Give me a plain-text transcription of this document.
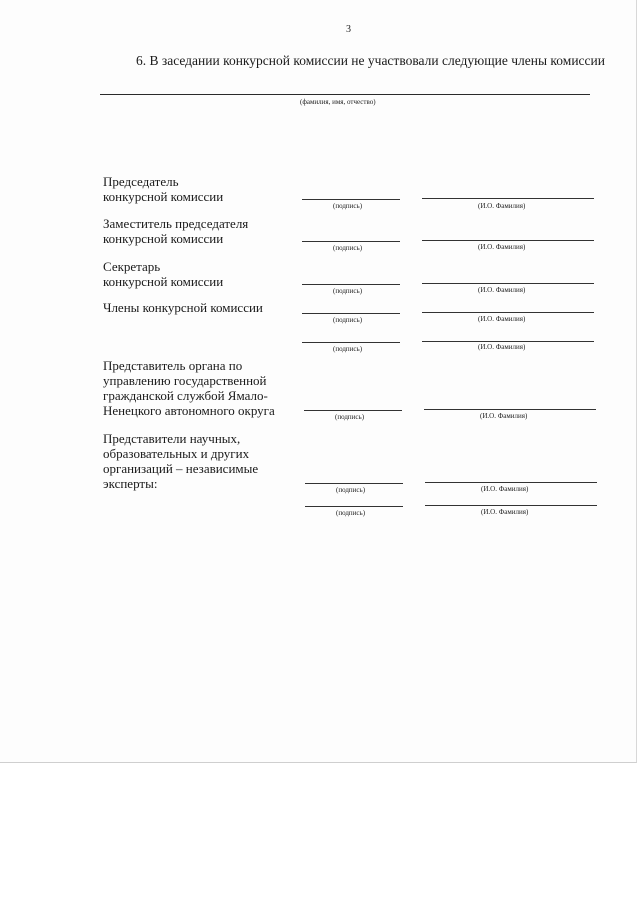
3

6. В заседании конкурсной комиссии не участвовали следующие члены комиссии

(фамилия, имя, отчество)
Председатель
конкурсной комиссии
(подпись)	(И.О. Фамилия)
Заместитель председателя
конкурсной комиссии
(подпись)	(И.О. Фамилия)
Секретарь
конкурсной комиссии
(подпись)	(И.О. Фамилия)
Члены конкурсной комиссии
(подпись)	(И.О. Фамилия)
(подпись)	(И.О. Фамилия)
Представитель органа по
управлению государственной
гражданской службой Ямало-
Ненецкого автономного округа	(подпись)	(И.О. Фамилия)
Представители научных,
образовательных и других
организаций – независимые
эксперты:	(подпись)	(И.О. Фамилия)
(подпись)	(И.О. Фамилия)
